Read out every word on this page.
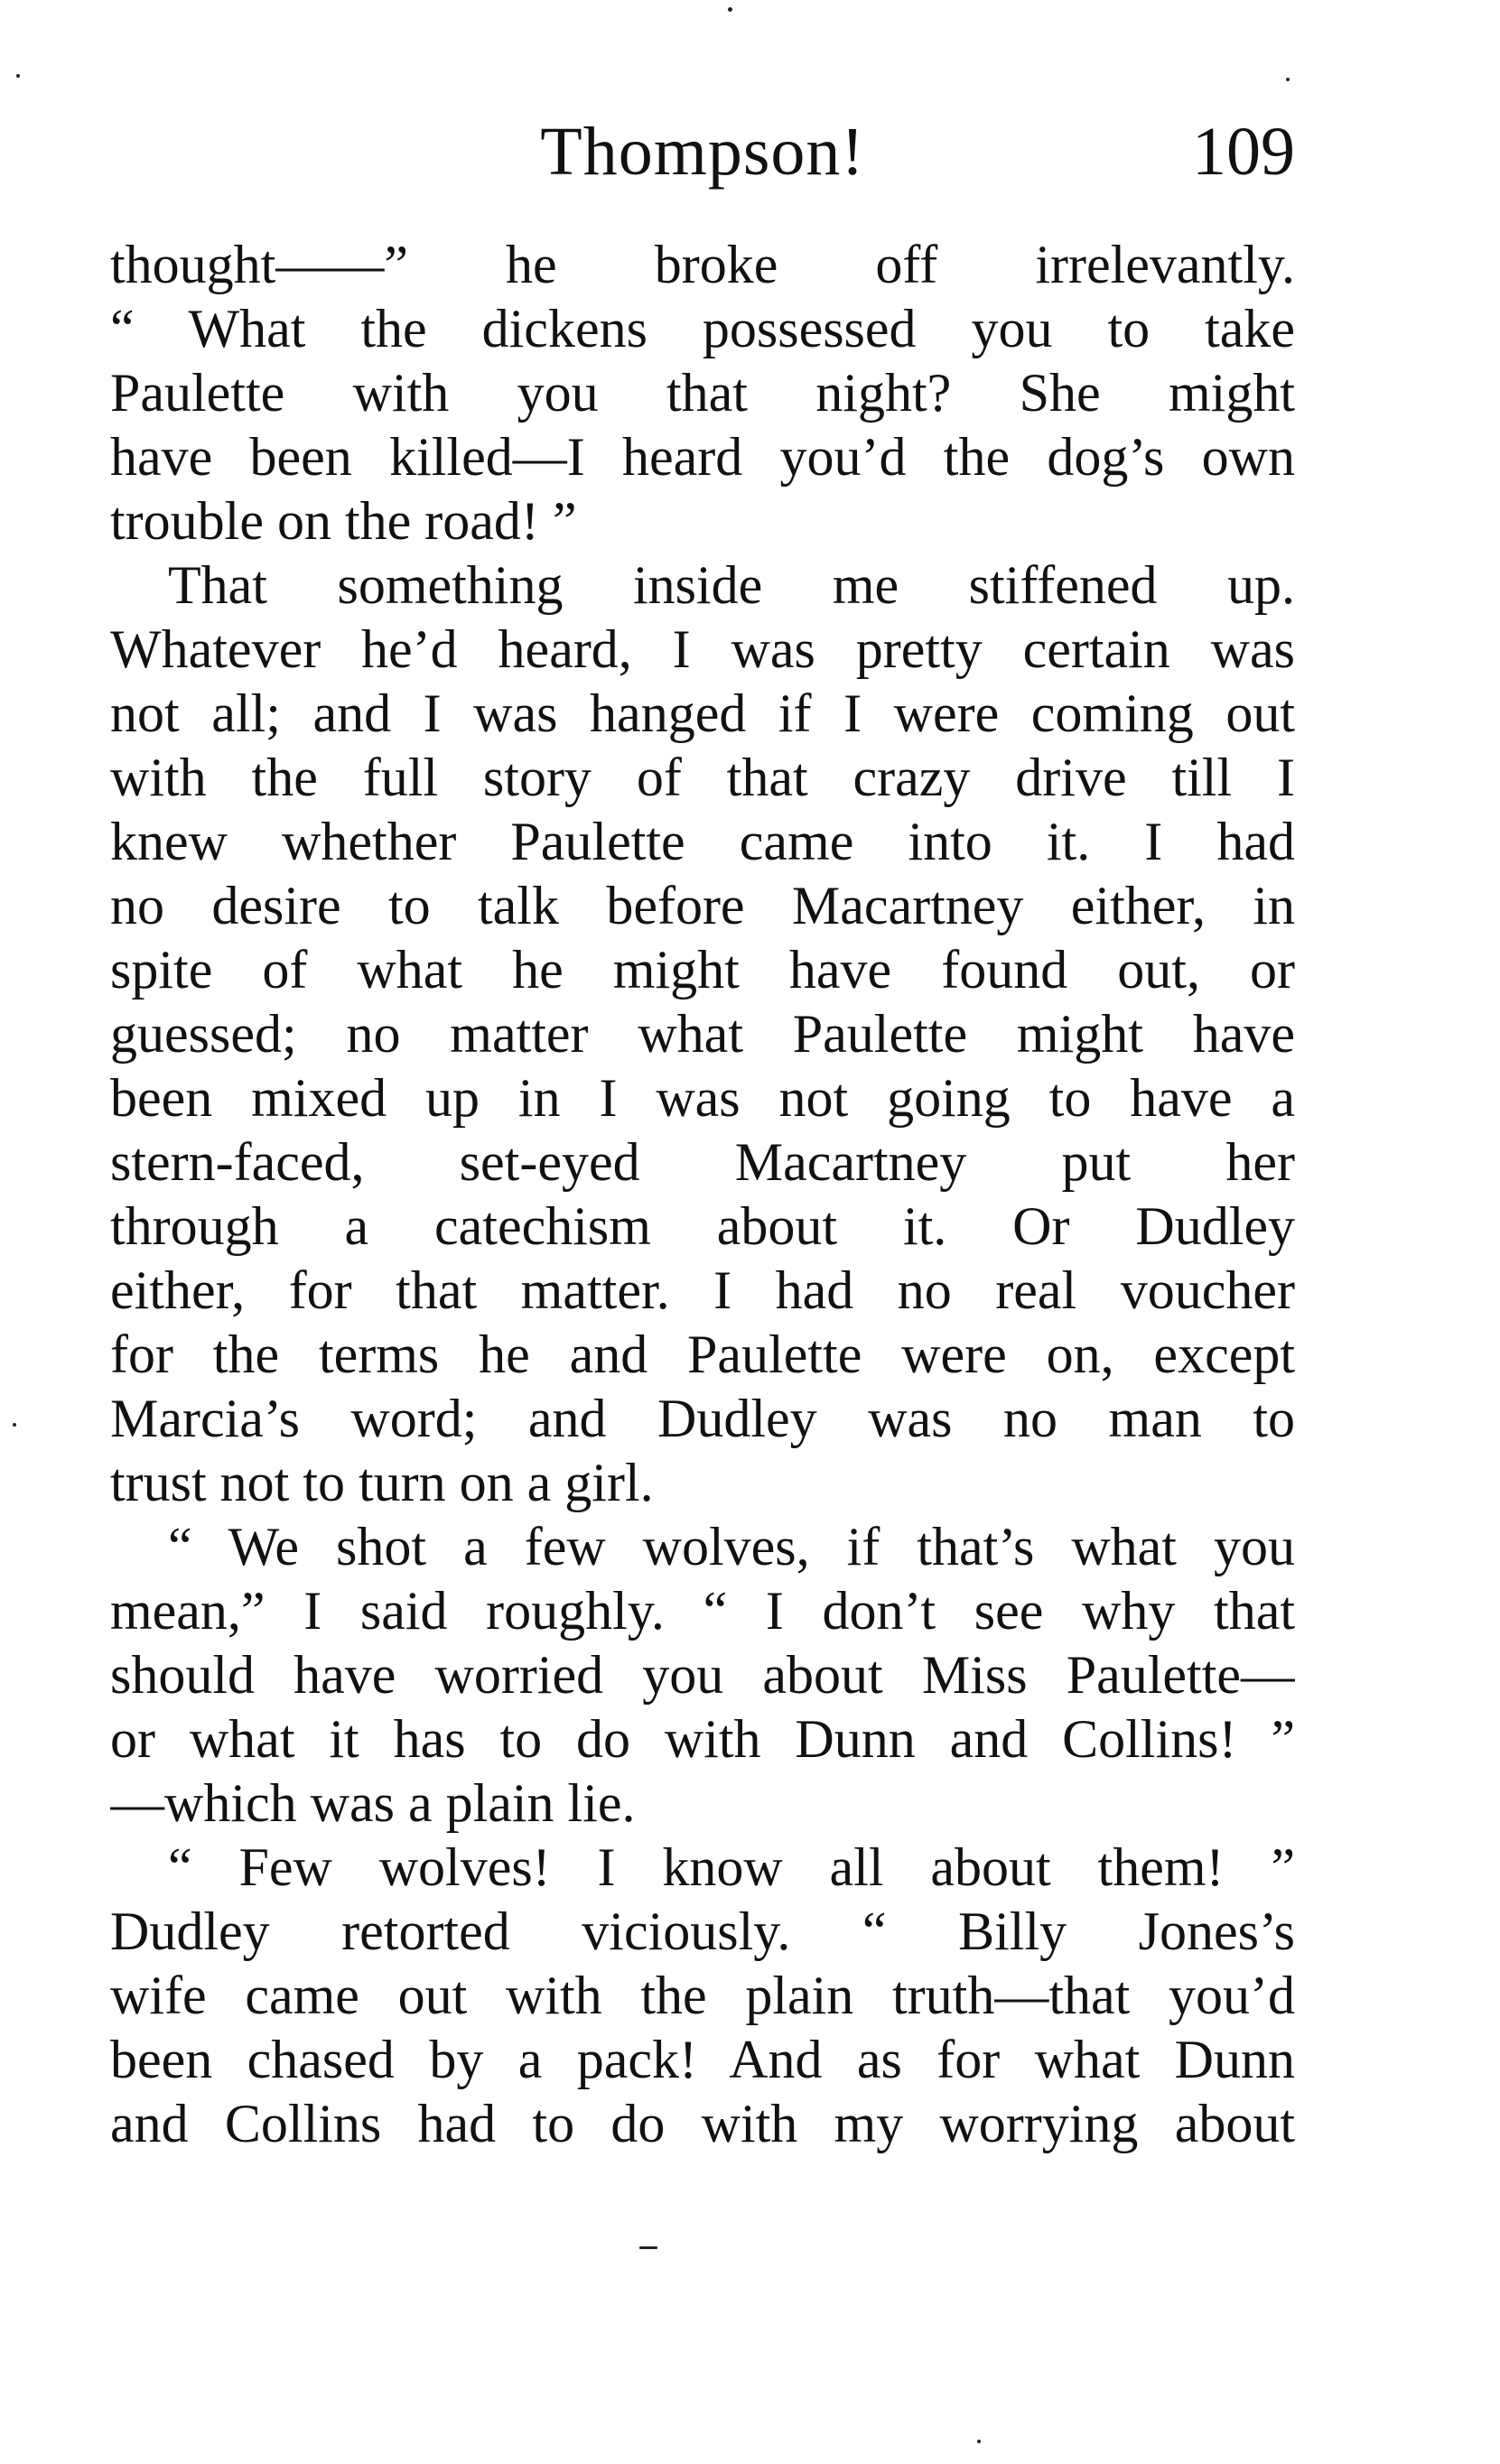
Thompson!	109
thought——” he broke off irrelevantly.
“ What the dickens possessed you to take
Paulette with you that night? She might
have been killed—I heard you’d the dog’s own
trouble on the road! ”
That something inside me stiffened up.
Whatever he’d heard, I was pretty certain was
not all; and I was hanged if I were coming out
with the full story of that crazy drive till I
knew whether Paulette came into it. I had
no desire to talk before Macartney either, in
spite of what he might have found out, or
guessed; no matter what Paulette might have
been mixed up in I was not going to have a
stern-faced, set-eyed Macartney put her
through a catechism about it. Or Dudley
either, for that matter. I had no real voucher
for the terms he and Paulette were on, except
Marcia’s word; and Dudley was no man to
trust not to turn on a girl.
“ We shot a few wolves, if that’s what you
mean,” I said roughly. “ I don’t see why that
should have worried you about Miss Paulette—
or what it has to do with Dunn and Collins! ”
—which was a plain lie.
“ Few wolves! I know all about them! ”
Dudley retorted viciously. “ Billy Jones’s
wife came out with the plain truth—that you’d
been chased by a pack! And as for what Dunn
and Collins had to do with my worrying about
